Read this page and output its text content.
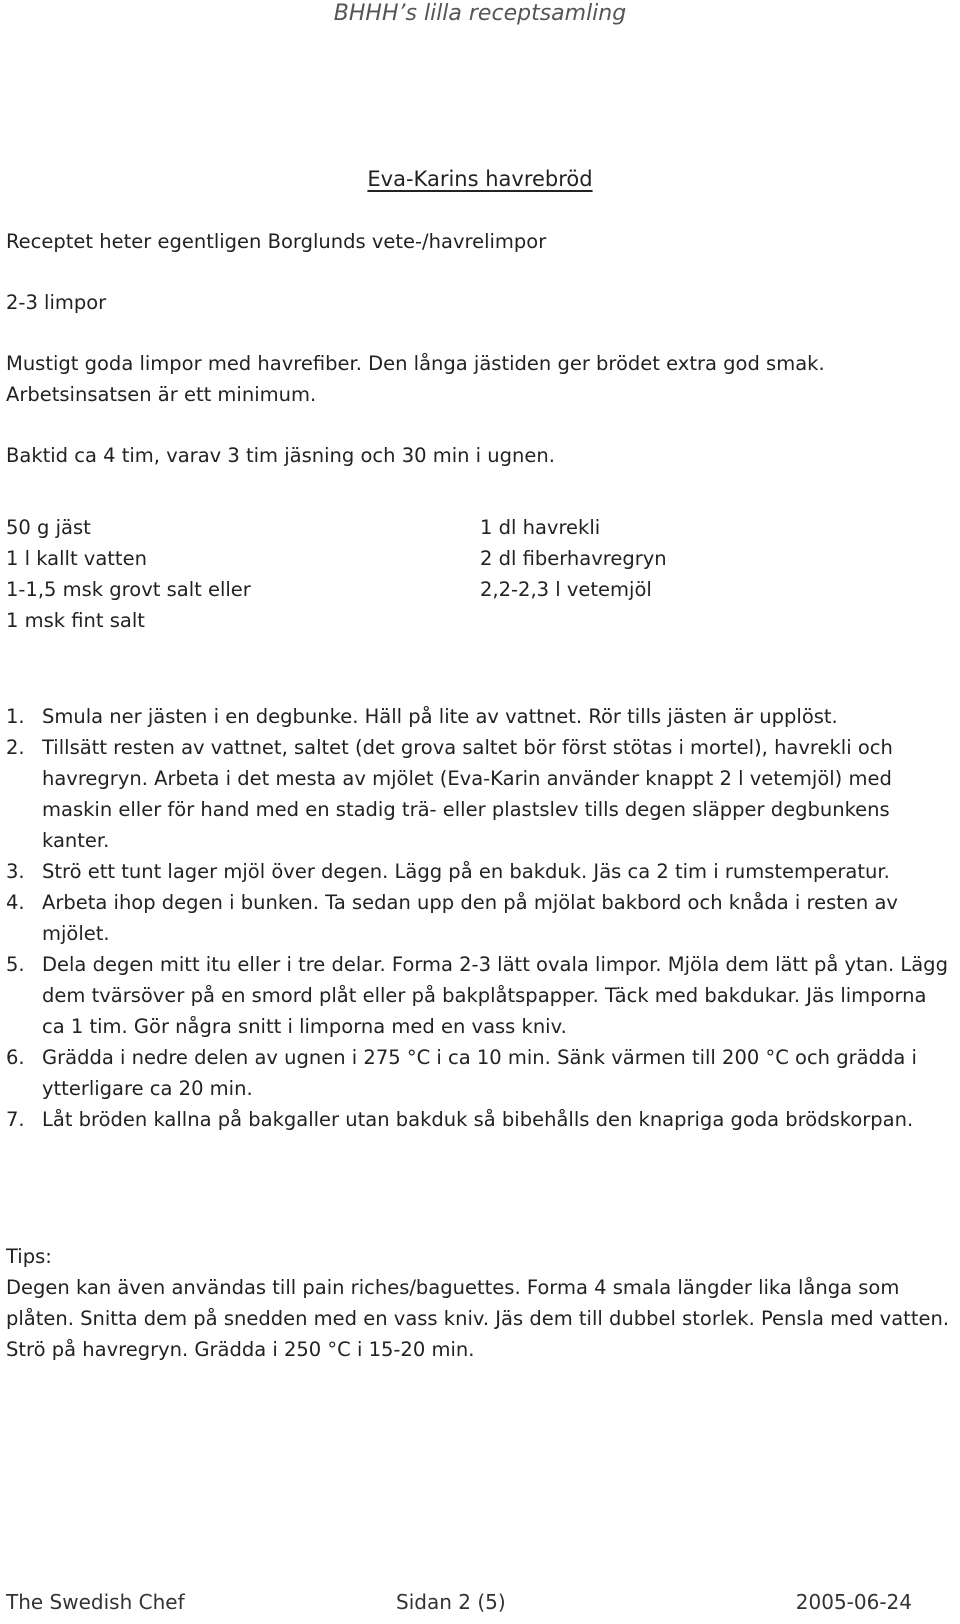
BHHH’s lilla receptsamling
Eva-Karins havrebröd
Receptet heter egentligen Borglunds vete-/havrelimpor
2-3 limpor
Mustigt goda limpor med havrefiber. Den långa jästiden ger brödet extra god smak.
Arbetsinsatsen är ett minimum.
Baktid ca 4 tim, varav 3 tim jäsning och 30 min i ugnen.
50 g jäst
1 l kallt vatten
1-1,5 msk grovt salt eller
1 msk fint salt
1 dl havrekli
2 dl fiberhavregryn
2,2-2,3 l vetemjöl
1. Smula ner jästen i en degbunke. Häll på lite av vattnet. Rör tills jästen är upplöst.
2. Tillsätt resten av vattnet, saltet (det grova saltet bör först stötas i mortel), havrekli och havregryn. Arbeta i det mesta av mjölet (Eva-Karin använder knappt 2 l vetemjöl) med maskin eller för hand med en stadig trä- eller plastslev tills degen släpper degbunkens kanter.
3. Strö ett tunt lager mjöl över degen. Lägg på en bakduk. Jäs ca 2 tim i rumstemperatur.
4. Arbeta ihop degen i bunken. Ta sedan upp den på mjölat bakbord och knåda i resten av mjölet.
5. Dela degen mitt itu eller i tre delar. Forma 2-3 lätt ovala limpor. Mjöla dem lätt på ytan. Lägg dem tvärsöver på en smord plåt eller på bakplåtspapper. Täck med bakdukar. Jäs limporna ca 1 tim. Gör några snitt i limporna med en vass kniv.
6. Grädda i nedre delen av ugnen i 275 °C i ca 10 min. Sänk värmen till 200 °C och grädda i ytterligare ca 20 min.
7. Låt bröden kallna på bakgaller utan bakduk så bibehålls den knapriga goda brödskorpan.
Tips:
Degen kan även användas till pain riches/baguettes. Forma 4 smala längder lika långa som plåten. Snitta dem på snedden med en vass kniv. Jäs dem till dubbel storlek. Pensla med vatten. Strö på havregryn. Grädda i 250 °C i 15-20 min.
The Swedish Chef	Sidan 2 (5)	2005-06-24
